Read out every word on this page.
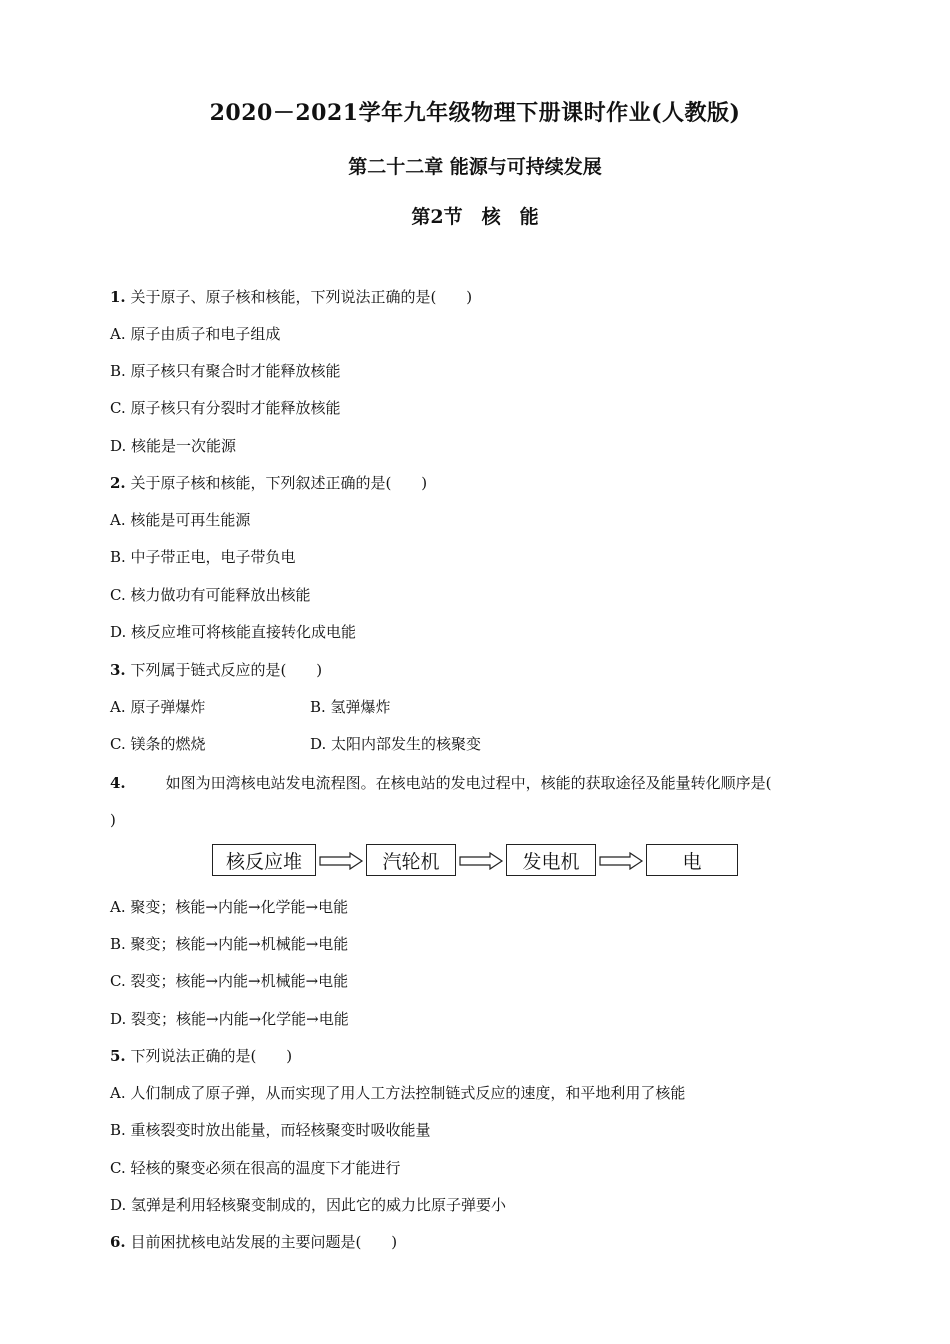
2020－2021学年九年级物理下册课时作业(人教版)
第二十二章 能源与可持续发展
第2节　核　能
1. 关于原子、原子核和核能，下列说法正确的是(　　)
A. 原子由质子和电子组成
B. 原子核只有聚合时才能释放核能
C. 原子核只有分裂时才能释放核能
D. 核能是一次能源
2. 关于原子核和核能，下列叙述正确的是(　　)
A. 核能是可再生能源
B. 中子带正电，电子带负电
C. 核力做功有可能释放出核能
D. 核反应堆可将核能直接转化成电能
3. 下列属于链式反应的是(　　)
A. 原子弹爆炸	B. 氢弹爆炸
C. 镁条的燃烧	D. 太阳内部发生的核聚变
4.	如图为田湾核电站发电流程图。在核电站的发电过程中，核能的获取途径及能量转化顺序是(
)
核反应堆	汽轮机	发电机	电
A. 聚变；核能→内能→化学能→电能
B. 聚变；核能→内能→机械能→电能
C. 裂变；核能→内能→机械能→电能
D. 裂变；核能→内能→化学能→电能
5. 下列说法正确的是(　　)
A. 人们制成了原子弹，从而实现了用人工方法控制链式反应的速度，和平地利用了核能
B. 重核裂变时放出能量，而轻核聚变时吸收能量
C. 轻核的聚变必须在很高的温度下才能进行
D. 氢弹是利用轻核聚变制成的，因此它的威力比原子弹要小
6. 目前困扰核电站发展的主要问题是(　　)
